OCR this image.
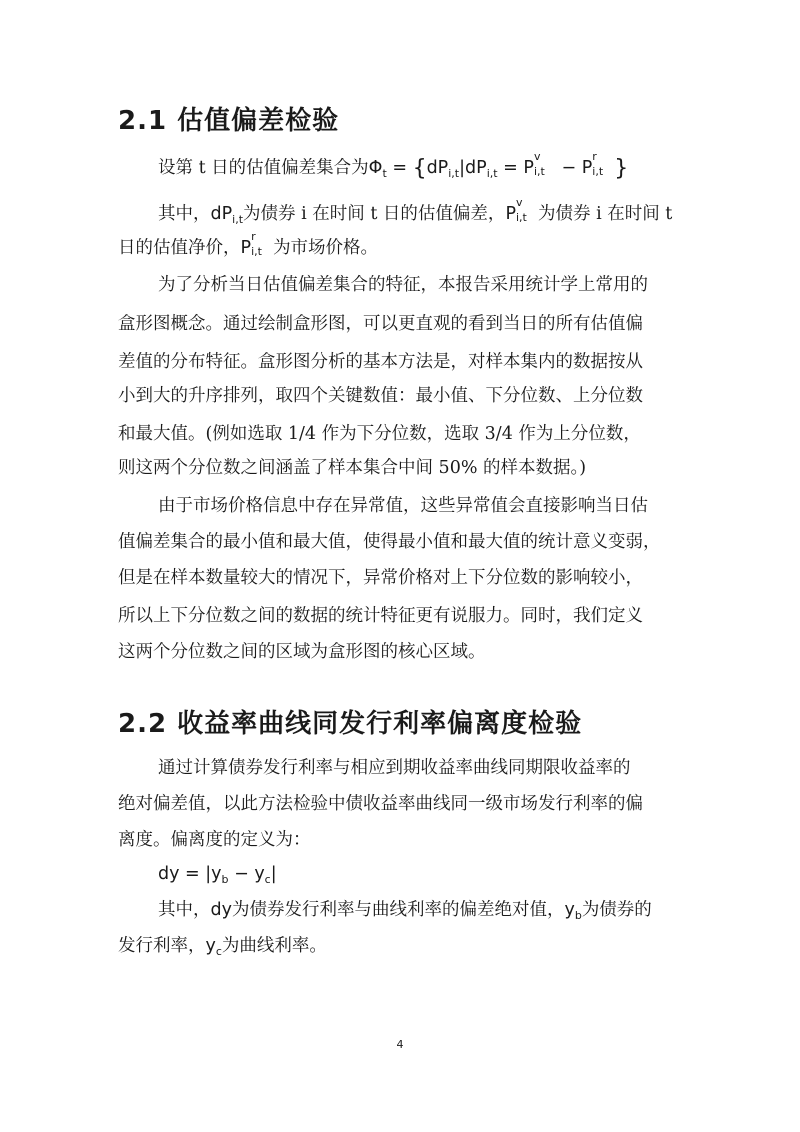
2.1 估值偏差检验
设第 t 日的估值偏差集合为$\Phi_t = \{dP_{i,t}|dP_{i,t} = P$
v
i,t − P
r
i,t }
其中，$dP_{i,t}$为债券 i 在时间 t 日的估值偏差，P
v
i,t 为债券 i 在时间 t
日的估值净价，P
r
i,t 为市场价格。
为了分析当日估值偏差集合的特征，本报告采用统计学上常用的
盒形图概念。通过绘制盒形图，可以更直观的看到当日的所有估值偏
差值的分布特征。盒形图分析的基本方法是，对样本集内的数据按从
小到大的升序排列，取四个关键数值：最小值、下分位数、上分位数
和最大值。(例如选取 1/4 作为下分位数，选取 3/4 作为上分位数，
则这两个分位数之间涵盖了样本集合中间 50% 的样本数据。)
由于市场价格信息中存在异常值，这些异常值会直接影响当日估
值偏差集合的最小值和最大值，使得最小值和最大值的统计意义变弱，
但是在样本数量较大的情况下，异常价格对上下分位数的影响较小，
所以上下分位数之间的数据的统计特征更有说服力。同时，我们定义
这两个分位数之间的区域为盒形图的核心区域。
2.2 收益率曲线同发行利率偏离度检验
通过计算债券发行利率与相应到期收益率曲线同期限收益率的
绝对偏差值，以此方法检验中债收益率曲线同一级市场发行利率的偏
离度。偏离度的定义为：
dy = $|y_b - y_c|$
其中，dy为债券发行利率与曲线利率的偏差绝对值，$y_b$为债券的
发行利率，$y_c$为曲线利率。
4
